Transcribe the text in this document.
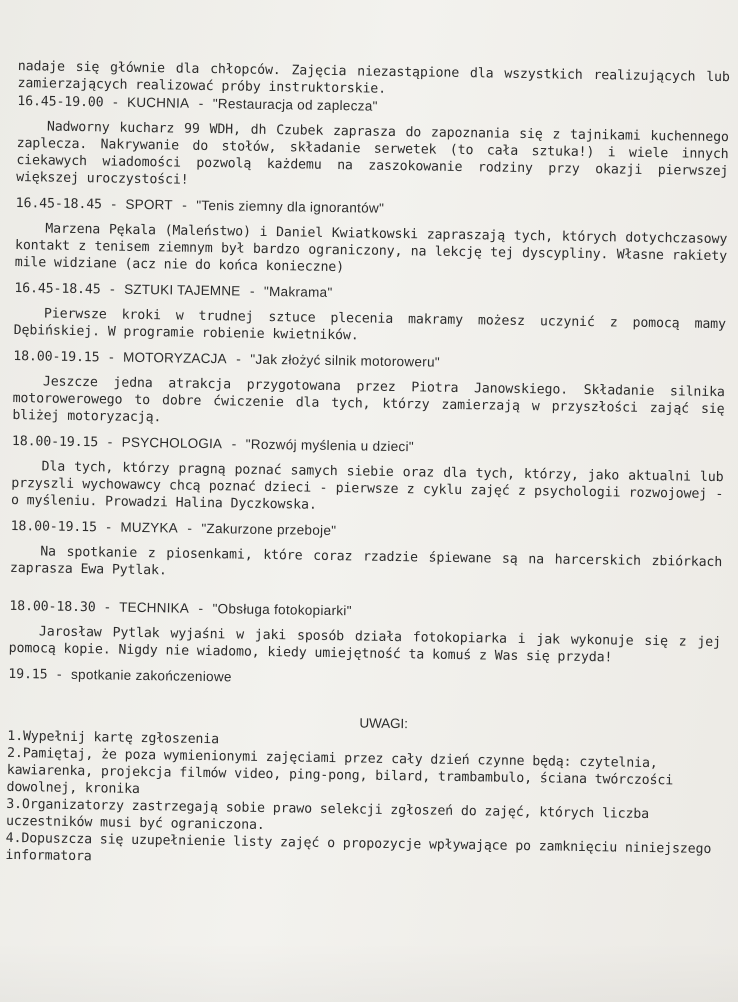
nadaje się głównie dla chłopców. Zajęcia niezastąpione dla wszystkich realizujących lub zamierzających realizować próby instruktorskie.
16.45-19.00 - KUCHNIA - "Restauracja od zaplecza"
Nadworny kucharz 99 WDH, dh Czubek zaprasza do zapoznania się z tajnikami kuchennego zaplecza. Nakrywanie do stołów, składanie serwetek (to cała sztuka!) i wiele innych ciekawych wiadomości pozwolą każdemu na zaszokowanie rodziny przy okazji pierwszej większej uroczystości!
16.45-18.45 - SPORT - "Tenis ziemny dla ignorantów"
Marzena Pękala (Maleństwo) i Daniel Kwiatkowski zapraszają tych, których dotychczasowy kontakt z tenisem ziemnym był bardzo ograniczony, na lekcję tej dyscypliny. Własne rakiety mile widziane (acz nie do końca konieczne)
16.45-18.45 - SZTUKI TAJEMNE - "Makrama"
Pierwsze kroki w trudnej sztuce plecenia makramy możesz uczynić z pomocą mamy Dębińskiej. W programie robienie kwietników.
18.00-19.15 - MOTORYZACJA - "Jak złożyć silnik motoroweru"
Jeszcze jedna atrakcja przygotowana przez Piotra Janowskiego. Składanie silnika motorowerowego to dobre ćwiczenie dla tych, którzy zamierzają w przyszłości zająć się bliżej motoryzacją.
18.00-19.15 - PSYCHOLOGIA - "Rozwój myślenia u dzieci"
Dla tych, którzy pragną poznać samych siebie oraz dla tych, którzy, jako aktualni lub przyszli wychowawcy chcą poznać dzieci - pierwsze z cyklu zajęć z psychologii rozwojowej - o myśleniu. Prowadzi Halina Dyczkowska.
18.00-19.15 - MUZYKA - "Zakurzone przeboje"
Na spotkanie z piosenkami, które coraz rzadzie śpiewane są na harcerskich zbiórkach zaprasza Ewa Pytlak.
18.00-18.30 - TECHNIKA - "Obsługa fotokopiarki"
Jarosław Pytlak wyjaśni w jaki sposób działa fotokopiarka i jak wykonuje się z jej pomocą kopie. Nigdy nie wiadomo, kiedy umiejętność ta komuś z Was się przyda!
19.15 - spotkanie zakończeniowe
UWAGI:
1.Wypełnij kartę zgłoszenia
2.Pamiętaj, że poza wymienionymi zajęciami przez cały dzień czynne będą: czytelnia, kawiarenka, projekcja filmów video, ping-pong, bilard, trambambulo, ściana twórczości dowolnej, kronika
3.Organizatorzy zastrzegają sobie prawo selekcji zgłoszeń do zajęć, których liczba uczestników musi być ograniczona.
4.Dopuszcza się uzupełnienie listy zajęć o propozycje wpływające po zamknięciu niniejszego informatora
